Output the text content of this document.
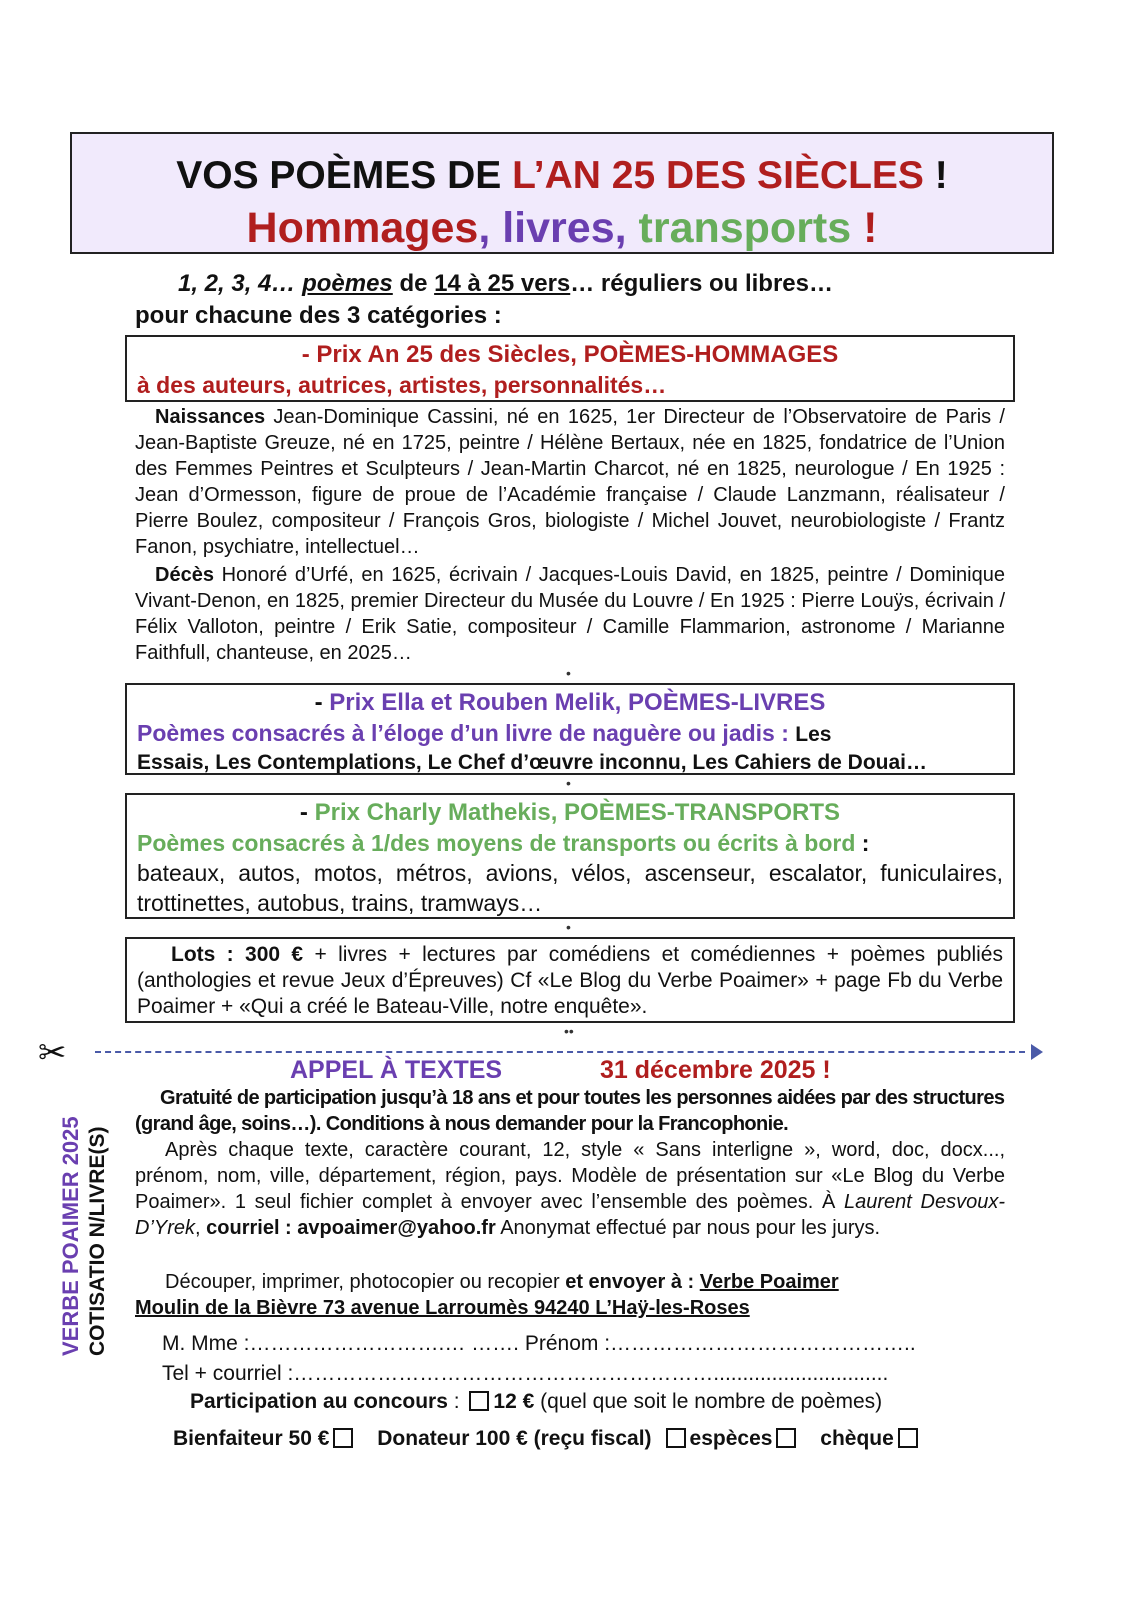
VOS POÈMES DE L’AN 25 DES SIÈCLES !
Hommages, livres, transports !
1, 2, 3, 4… poèmes de 14 à 25 vers… réguliers ou libres…
pour chacune des 3 catégories :
- Prix An 25 des Siècles, POÈMES-HOMMAGES
à des auteurs, autrices, artistes, personnalités…
Naissances Jean-Dominique Cassini, né en 1625, 1er Directeur de l’Observatoire de Paris / Jean-Baptiste Greuze, né en 1725, peintre / Hélène Bertaux, née en 1825, fondatrice de l’Union des Femmes Peintres et Sculpteurs / Jean-Martin Charcot, né en 1825, neurologue / En 1925 : Jean d’Ormesson, figure de proue de l’Académie française / Claude Lanzmann, réalisateur / Pierre Boulez, compositeur / François Gros, biologiste / Michel Jouvet, neurobiologiste / Frantz Fanon, psychiatre, intellectuel…
Décès Honoré d’Urfé, en 1625, écrivain / Jacques-Louis David, en 1825, peintre / Dominique Vivant-Denon, en 1825, premier Directeur du Musée du Louvre / En 1925 : Pierre Louÿs, écrivain / Félix Valloton, peintre / Erik Satie, compositeur / Camille Flammarion, astronome / Marianne Faithfull, chanteuse, en 2025…
•
- Prix Ella et Rouben Melik, POÈMES-LIVRES
Poèmes consacrés à l’éloge d’un livre de naguère ou jadis : Les
Essais, Les Contemplations, Le Chef d’œuvre inconnu, Les Cahiers de Douai…
•
- Prix Charly Mathekis, POÈMES-TRANSPORTS
Poèmes consacrés à 1/des moyens de transports ou écrits à bord :
bateaux, autos, motos, métros, avions, vélos, ascenseur, escalator, funiculaires, trottinettes, autobus, trains, tramways…
•
Lots : 300 € + livres + lectures par comédiens et comédiennes + poèmes publiés (anthologies et revue Jeux d’Épreuves) Cf «Le Blog du Verbe Poaimer» + page Fb du Verbe Poaimer + «Qui a créé le Bateau-Ville, notre enquête».
••
✂	APPEL À TEXTES	31 décembre 2025 !
VERBE POAIMER 2025 COTISATIO N/LIVRE(S)
Gratuité de participation jusqu’à 18 ans et pour toutes les personnes aidées par des structures (grand âge, soins…). Conditions à nous demander pour la Francophonie.
Après chaque texte, caractère courant, 12, style « Sans interligne », word, doc, docx..., prénom, nom, ville, département, région, pays. Modèle de présentation sur «Le Blog du Verbe Poaimer». 1 seul fichier complet à envoyer avec l’ensemble des poèmes. À Laurent Desvoux-D’Yrek, courriel : avpoaimer@yahoo.fr Anonymat effectué par nous pour les jurys.
Découper, imprimer, photocopier ou recopier et envoyer à : Verbe Poaimer
Moulin de la Bièvre 73 avenue Larroumès 94240 L’Haÿ-les-Roses
M. Mme :……………………….… ……. Prénom :……………………………………..
Tel + courriel :……………………………………………………..............................
Participation au concours : 12 € (quel que soit le nombre de poèmes)
Bienfaiteur 50 € Donateur 100 € (reçu fiscal) espèces chèque
